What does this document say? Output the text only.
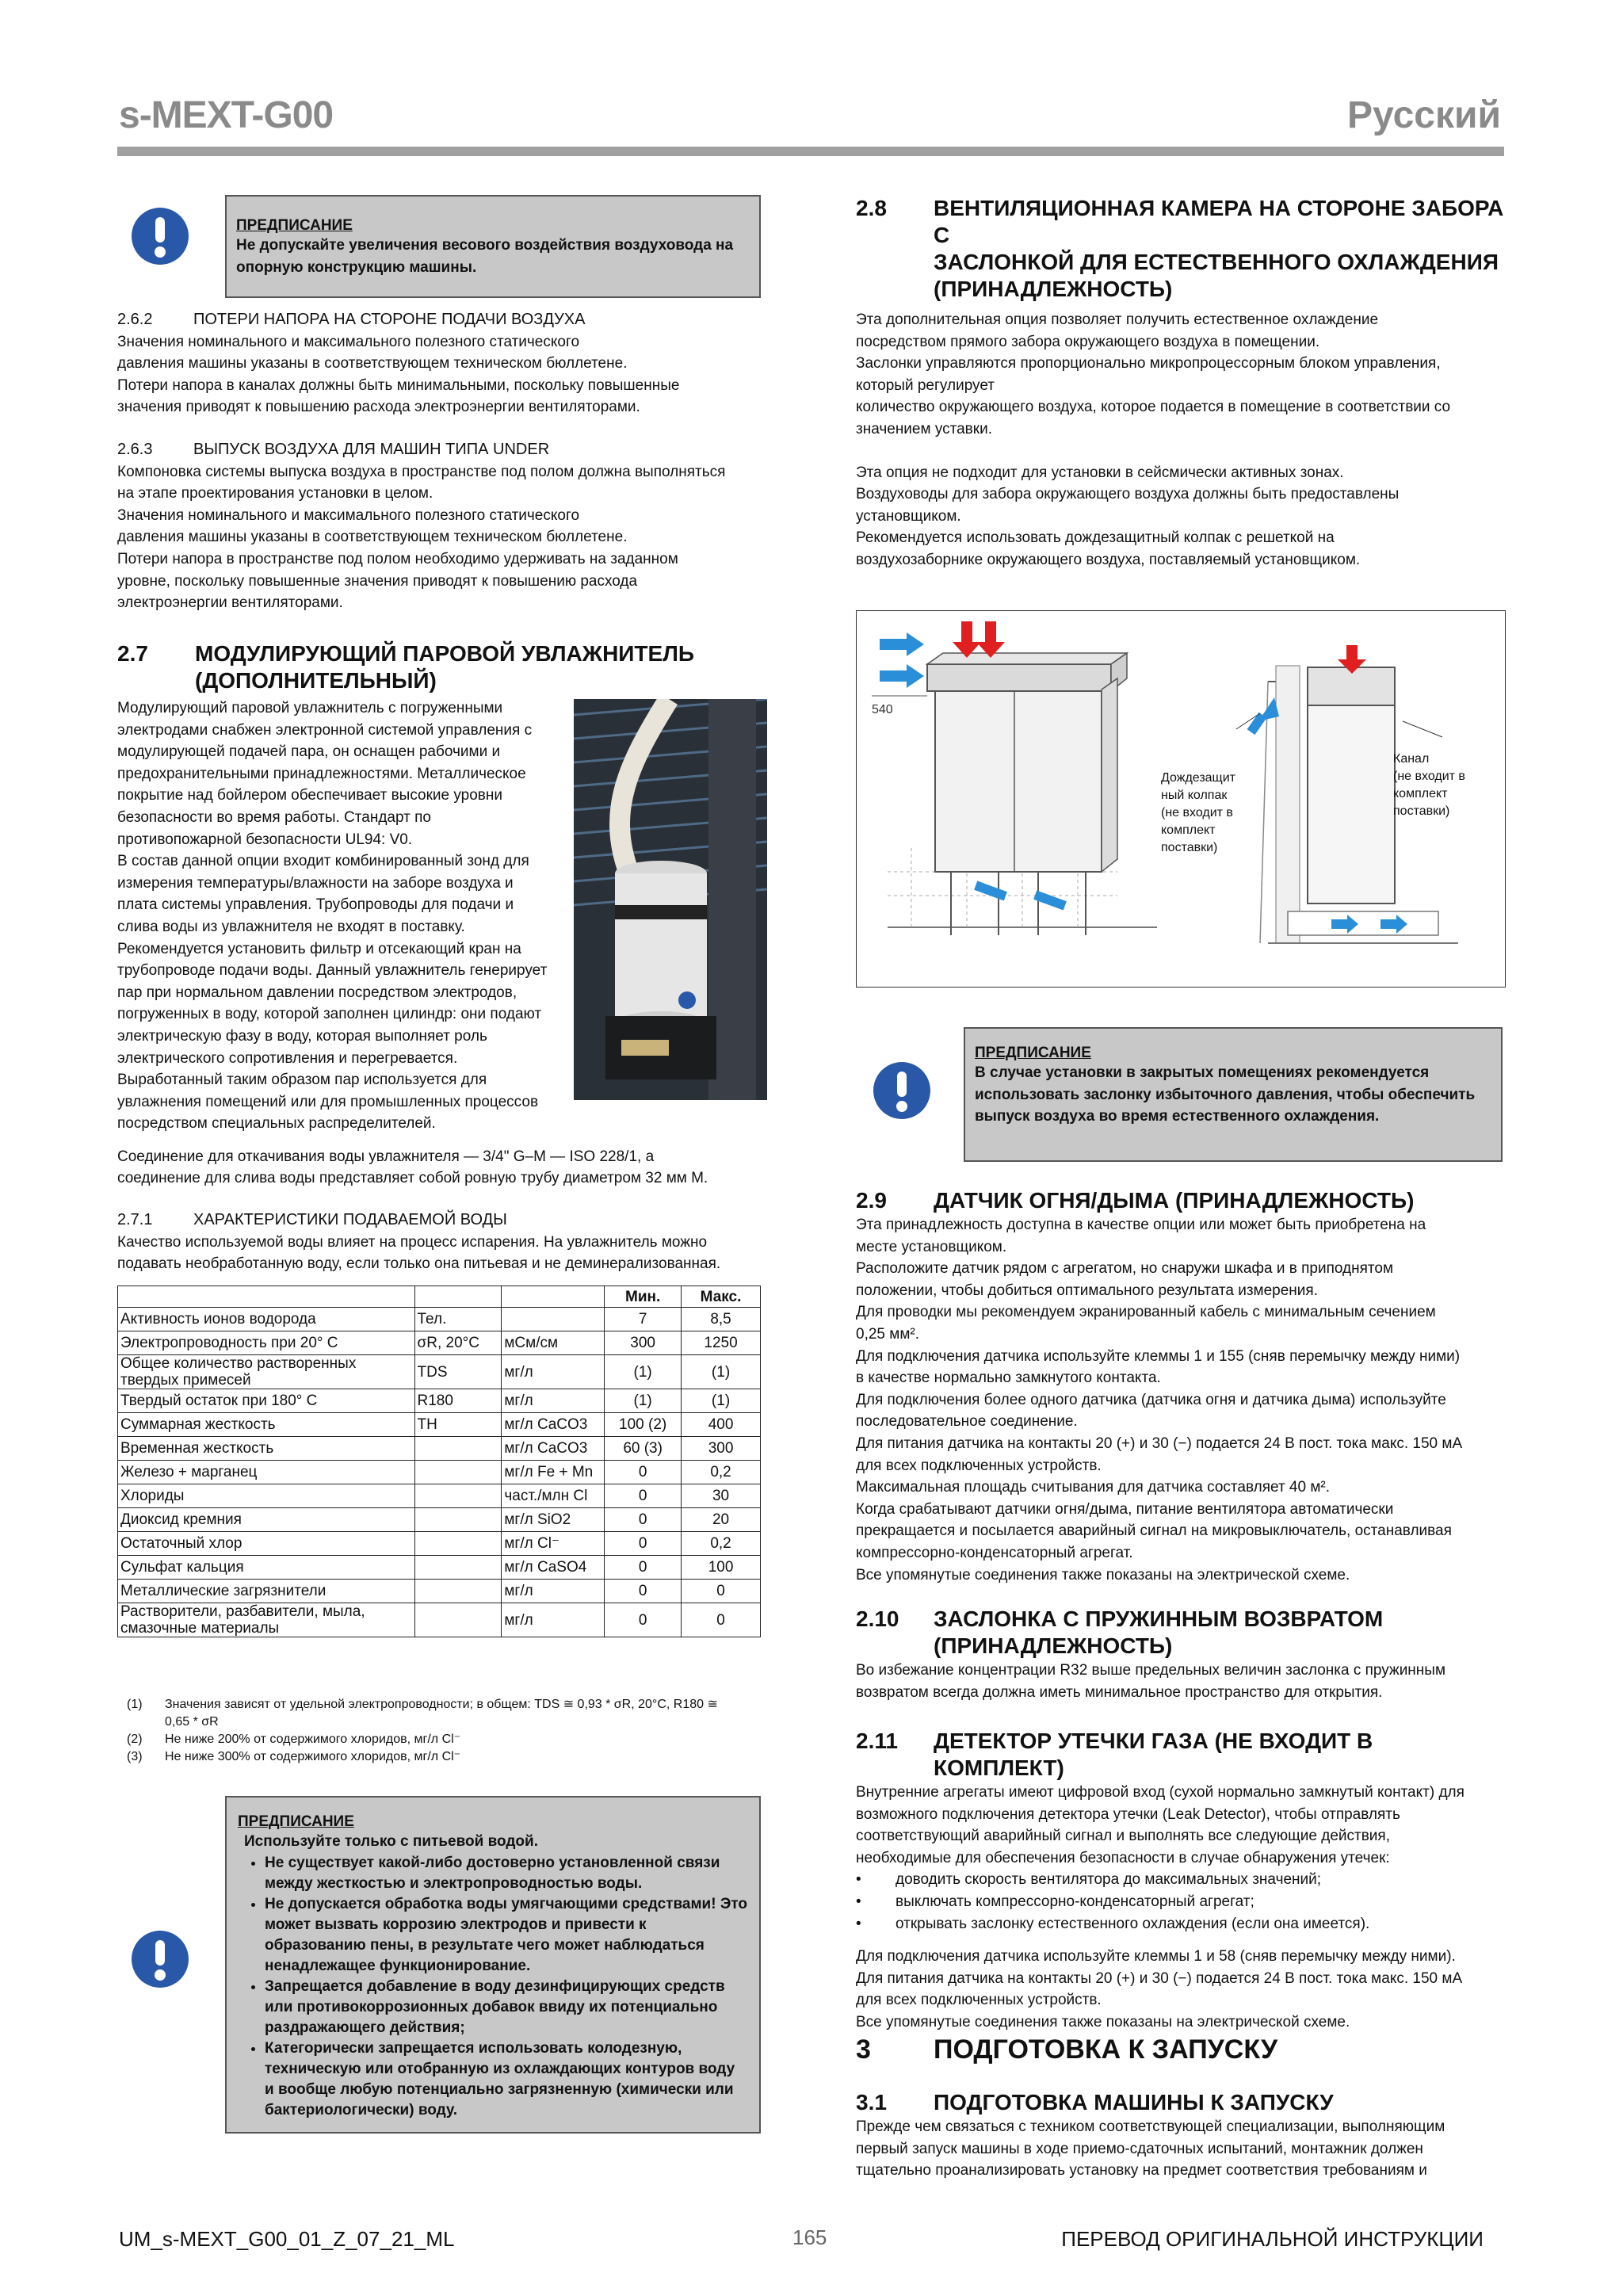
s-MEXT-G00	Русский
ПРЕДПИСАНИЕ
Не допускайте увеличения весового воздействия воздуховода на опорную конструкцию машины.

2.6.2	ПОТЕРИ НАПОРА НА СТОРОНЕ ПОДАЧИ ВОЗДУХА

Значения номинального и максимального полезного статического

давления машины указаны в соответствующем техническом бюллетене.

Потери напора в каналах должны быть минимальными, поскольку повышенные

значения приводят к повышению расхода электроэнергии вентиляторами.

2.6.3	ВЫПУСК ВОЗДУХА ДЛЯ МАШИН ТИПА UNDER

Компоновка системы выпуска воздуха в пространстве под полом должна выполняться

на этапе проектирования установки в целом.

Значения номинального и максимального полезного статического

давления машины указаны в соответствующем техническом бюллетене.

Потери напора в пространстве под полом необходимо удерживать на заданном

уровне, поскольку повышенные значения приводят к повышению расхода

электроэнергии вентиляторами.

2.7 МОДУЛИРУЮЩИЙ ПАРОВОЙ УВЛАЖНИТЕЛЬ

(ДОПОЛНИТЕЛЬНЫЙ)

Модулирующий паровой увлажнитель с погруженными

электродами снабжен электронной системой управления с

модулирующей подачей пара, он оснащен рабочими и

предохранительными принадлежностями. Металлическое

покрытие над бойлером обеспечивает высокие уровни

безопасности во время работы. Стандарт по

противопожарной безопасности UL94: V0.

В состав данной опции входит комбинированный зонд для

измерения температуры/влажности на заборе воздуха и

плата системы управления. Трубопроводы для подачи и

слива воды из увлажнителя не входят в поставку.

Рекомендуется установить фильтр и отсекающий кран на

трубопроводе подачи воды. Данный увлажнитель генерирует

пар при нормальном давлении посредством электродов,

погруженных в воду, которой заполнен цилиндр: они подают

электрическую фазу в воду, которая выполняет роль

электрического сопротивления и перегревается.

Выработанный таким образом пар используется для

увлажнения помещений или для промышленных процессов

посредством специальных распределителей.

Соединение для откачивания воды увлажнителя — 3/4" G–M — ISO 228/1, а

соединение для слива воды представляет собой ровную трубу диаметром 32 мм M.

2.7.1	ХАРАКТЕРИСТИКИ ПОДАВАЕМОЙ ВОДЫ

Качество используемой воды влияет на процесс испарения. На увлажнитель можно

подавать необработанную воду, если только она питьевая и не деминерализованная.

			Мин.	Макс.
Активность ионов водорода	Тел.		7	8,5
Электропроводность при 20° C	σR, 20°C	мСм/см	300	1250
Общее количество растворенных твердых примесей	TDS	мг/л	(1)	(1)
Твердый остаток при 180° C	R180	мг/л	(1)	(1)
Суммарная жесткость	TH	мг/л CaCO3	100 (2)	400
Временная жесткость		мг/л CaCO3	60 (3)	300
Железо + марганец		мг/л Fe + Mn	0	0,2
Хлориды		част./млн Cl	0	30
Диоксид кремния		мг/л SiO2	0	20
Остаточный хлор		мг/л Cl⁻	0	0,2
Сульфат кальция		мг/л CaSO4	0	100
Металлические загрязнители		мг/л	0	0
Растворители, разбавители, мыла, смазочные материалы		мг/л	0	0
(1) Значения зависят от удельной электропроводности; в общем: TDS ≅ 0,93 * σR, 20°C, R180 ≅ 0,65 * σR
(2) Не ниже 200% от содержимого хлоридов, мг/л Cl⁻
(3) Не ниже 300% от содержимого хлоридов, мг/л Cl⁻
ПРЕДПИСАНИЕ
Используйте только с питьевой водой.
• Не существует какой-либо достоверно установленной связи между жесткостью и электропроводностью воды.
• Не допускается обработка воды умягчающими средствами! Это может вызвать коррозию электродов и привести к образованию пены, в результате чего может наблюдаться ненадлежащее функционирование.
• Запрещается добавление в воду дезинфицирующих средств или противокоррозионных добавок ввиду их потенциально раздражающего действия;
• Категорически запрещается использовать колодезную, техническую или отобранную из охлаждающих контуров воду и вообще любую потенциально загрязненную (химически или бактериологически) воду.

2.8 ВЕНТИЛЯЦИОННАЯ КАМЕРА НА СТОРОНЕ ЗАБОРА С

ЗАСЛОНКОЙ ДЛЯ ЕСТЕСТВЕННОГО ОХЛАЖДЕНИЯ

(ПРИНАДЛЕЖНОСТЬ)

Эта дополнительная опция позволяет получить естественное охлаждение

посредством прямого забора окружающего воздуха в помещении.

Заслонки управляются пропорционально микропроцессорным блоком управления,

который регулирует

количество окружающего воздуха, которое подается в помещение в соответствии со

значением уставки.

Эта опция не подходит для установки в сейсмически активных зонах.

Воздуховоды для забора окружающего воздуха должны быть предоставлены

установщиком.

Рекомендуется использовать дождезащитный колпак с решеткой на

воздухозаборнике окружающего воздуха, поставляемый установщиком.

540
Дождезащит
ный колпак
(не входит в
комплект
поставки)
Канал
(не входит в
комплект
поставки)
ПРЕДПИСАНИЕ
В случае установки в закрытых помещениях рекомендуется использовать заслонку избыточного давления, чтобы обеспечить выпуск воздуха во время естественного охлаждения.

2.9 ДАТЧИК ОГНЯ/ДЫМА (ПРИНАДЛЕЖНОСТЬ)

Эта принадлежность доступна в качестве опции или может быть приобретена на

месте установщиком.

Расположите датчик рядом с агрегатом, но снаружи шкафа и в приподнятом

положении, чтобы добиться оптимального результата измерения.

Для проводки мы рекомендуем экранированный кабель с минимальным сечением

0,25 мм².

Для подключения датчика используйте клеммы 1 и 155 (сняв перемычку между ними)

в качестве нормально замкнутого контакта.

Для подключения более одного датчика (датчика огня и датчика дыма) используйте

последовательное соединение.

Для питания датчика на контакты 20 (+) и 30 (−) подается 24 В пост. тока макс. 150 мА

для всех подключенных устройств.

Максимальная площадь считывания для датчика составляет 40 м².

Когда срабатывают датчики огня/дыма, питание вентилятора автоматически

прекращается и посылается аварийный сигнал на микровыключатель, останавливая

компрессорно-конденсаторный агрегат.

Все упомянутые соединения также показаны на электрической схеме.

2.10 ЗАСЛОНКА С ПРУЖИННЫМ ВОЗВРАТОМ

(ПРИНАДЛЕЖНОСТЬ)

Во избежание концентрации R32 выше предельных величин заслонка с пружинным

возвратом всегда должна иметь минимальное пространство для открытия.

2.11 ДЕТЕКТОР УТЕЧКИ ГАЗА (НЕ ВХОДИТ В КОМПЛЕКТ)

Внутренние агрегаты имеют цифровой вход (сухой нормально замкнутый контакт) для

возможного подключения детектора утечки (Leak Detector), чтобы отправлять

соответствующий аварийный сигнал и выполнять все следующие действия,

необходимые для обеспечения безопасности в случае обнаружения утечек:

• доводить скорость вентилятора до максимальных значений;
• выключать компрессорно-конденсаторный агрегат;
• открывать заслонку естественного охлаждения (если она имеется).

Для подключения датчика используйте клеммы 1 и 58 (сняв перемычку между ними).

Для питания датчика на контакты 20 (+) и 30 (−) подается 24 В пост. тока макс. 150 мА

для всех подключенных устройств.

Все упомянутые соединения также показаны на электрической схеме.

3 ПОДГОТОВКА К ЗАПУСКУ

3.1 ПОДГОТОВКА МАШИНЫ К ЗАПУСКУ

Прежде чем связаться с техником соответствующей специализации, выполняющим

первый запуск машины в ходе приемо-сдаточных испытаний, монтажник должен

тщательно проанализировать установку на предмет соответствия требованиям и

UM_s-MEXT_G00_01_Z_07_21_ML	165	ПЕРЕВОД ОРИГИНАЛЬНОЙ ИНСТРУКЦИИ
